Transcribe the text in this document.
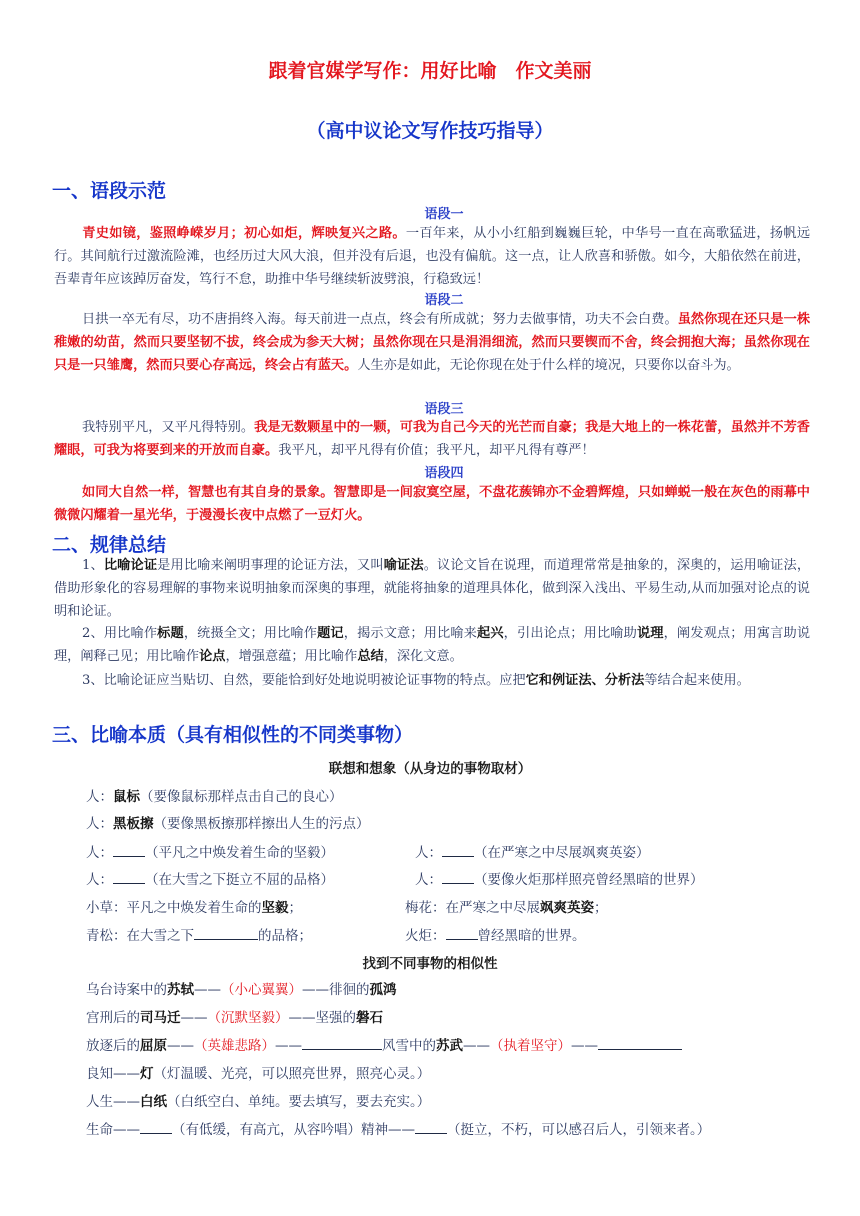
跟着官媒学写作：用好比喻　作文美丽
（高中议论文写作技巧指导）
一、语段示范
语段一
青史如镜，鉴照峥嵘岁月；初心如炬，辉映复兴之路。一百年来，从小小红船到巍巍巨轮，中华号一直在高歌猛进，扬帆远行。其间航行过激流险滩，也经历过大风大浪，但并没有后退，也没有偏航。这一点，让人欣喜和骄傲。如今，大船依然在前进，吾辈青年应该踔厉奋发，笃行不怠，助推中华号继续斩波劈浪，行稳致远！
语段二
日拱一卒无有尽，功不唐捐终入海。每天前进一点点，终会有所成就；努力去做事情，功夫不会白费。虽然你现在还只是一株稚嫩的幼苗，然而只要坚韧不拔，终会成为参天大树；虽然你现在只是涓涓细流，然而只要锲而不舍，终会拥抱大海；虽然你现在只是一只雏鹰，然而只要心存高远，终会占有蓝天。人生亦是如此，无论你现在处于什么样的境况，只要你以奋斗为。
语段三
我特别平凡，又平凡得特别。我是无数颗星中的一颗，可我为自己今天的光芒而自豪；我是大地上的一株花蕾，虽然并不芳香耀眼，可我为将要到来的开放而自豪。我平凡，却平凡得有价值；我平凡，却平凡得有尊严！
语段四
如同大自然一样，智慧也有其自身的景象。智慧即是一间寂寞空屋，不盘花蔟锦亦不金碧辉煌，只如蝉蜕一般在灰色的雨幕中微微闪耀着一星光华，于漫漫长夜中点燃了一豆灯火。
二、规律总结
1、比喻论证是用比喻来阐明事理的论证方法，又叫喻证法。议论文旨在说理，而道理常常是抽象的，深奥的，运用喻证法，借助形象化的容易理解的事物来说明抽象而深奥的事理，就能将抽象的道理具体化，做到深入浅出、平易生动,从而加强对论点的说明和论证。
2、用比喻作标题，统摄全文；用比喻作题记，揭示文意；用比喻来起兴，引出论点；用比喻助说理，阐发观点；用寓言助说理，阐释己见；用比喻作论点，增强意蕴；用比喻作总结，深化文意。
3、比喻论证应当贴切、自然，要能恰到好处地说明被论证事物的特点。应把它和例证法、分析法等结合起来使用。
三、比喻本质（具有相似性的不同类事物）
联想和想象（从身边的事物取材）
人：鼠标（要像鼠标那样点击自己的良心）
人：黑板擦（要像黑板擦那样擦出人生的污点）
人： （平凡之中焕发着生命的坚毅）	人： （在严寒之中尽展飒爽英姿）
人： （在大雪之下挺立不屈的品格）	人： （要像火炬那样照亮曾经黑暗的世界）
小草：平凡之中焕发着生命的坚毅；	梅花：在严寒之中尽展飒爽英姿；
青松：在大雪之下	的品格；	火炬： 曾经黑暗的世界。
找到不同事物的相似性
乌台诗案中的苏轼——（小心翼翼）——徘徊的孤鸿
宫刑后的司马迁——（沉默坚毅）——坚强的磐石
放逐后的屈原——（英雄悲路）——	风雪中的苏武——（执着坚守）——
良知——灯（灯温暖、光亮，可以照亮世界，照亮心灵。）
人生——白纸（白纸空白、单纯。要去填写，要去充实。）
生命—— （有低缓，有高亢，从容吟唱）精神—— （挺立，不朽，可以感召后人，引领来者。）
